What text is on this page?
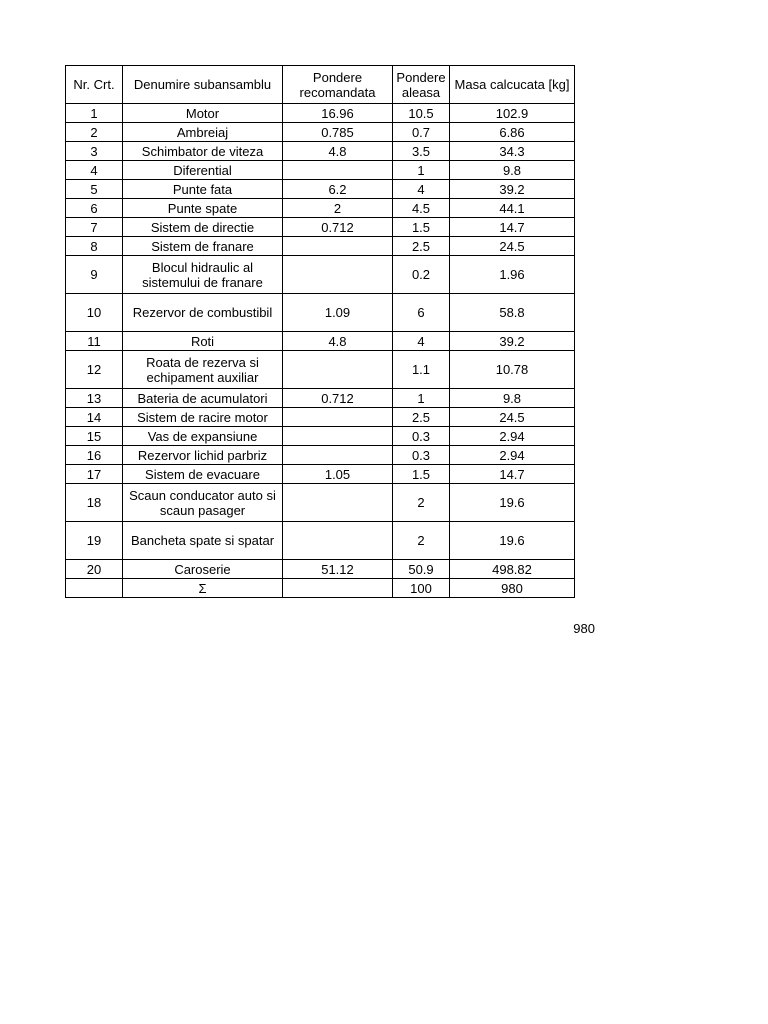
Nr. Crt.	Denumire subansamblu	Pondere recomandata	Pondere aleasa	Masa calcucata [kg]
1	Motor	16.96	10.5	102.9
2	Ambreiaj	0.785	0.7	6.86
3	Schimbator de viteza	4.8	3.5	34.3
4	Diferential		1	9.8
5	Punte fata	6.2	4	39.2
6	Punte spate	2	4.5	44.1
7	Sistem de directie	0.712	1.5	14.7
8	Sistem de franare		2.5	24.5
9	Blocul hidraulic al sistemului de franare		0.2	1.96
10	Rezervor de combustibil	1.09	6	58.8
11	Roti	4.8	4	39.2
12	Roata de rezerva si echipament auxiliar		1.1	10.78
13	Bateria de acumulatori	0.712	1	9.8
14	Sistem de racire motor		2.5	24.5
15	Vas de expansiune		0.3	2.94
16	Rezervor lichid parbriz		0.3	2.94
17	Sistem de evacuare	1.05	1.5	14.7
18	Scaun conducator auto si scaun pasager		2	19.6
19	Bancheta spate si spatar		2	19.6
20	Caroserie	51.12	50.9	498.82
	Σ		100	980
980
